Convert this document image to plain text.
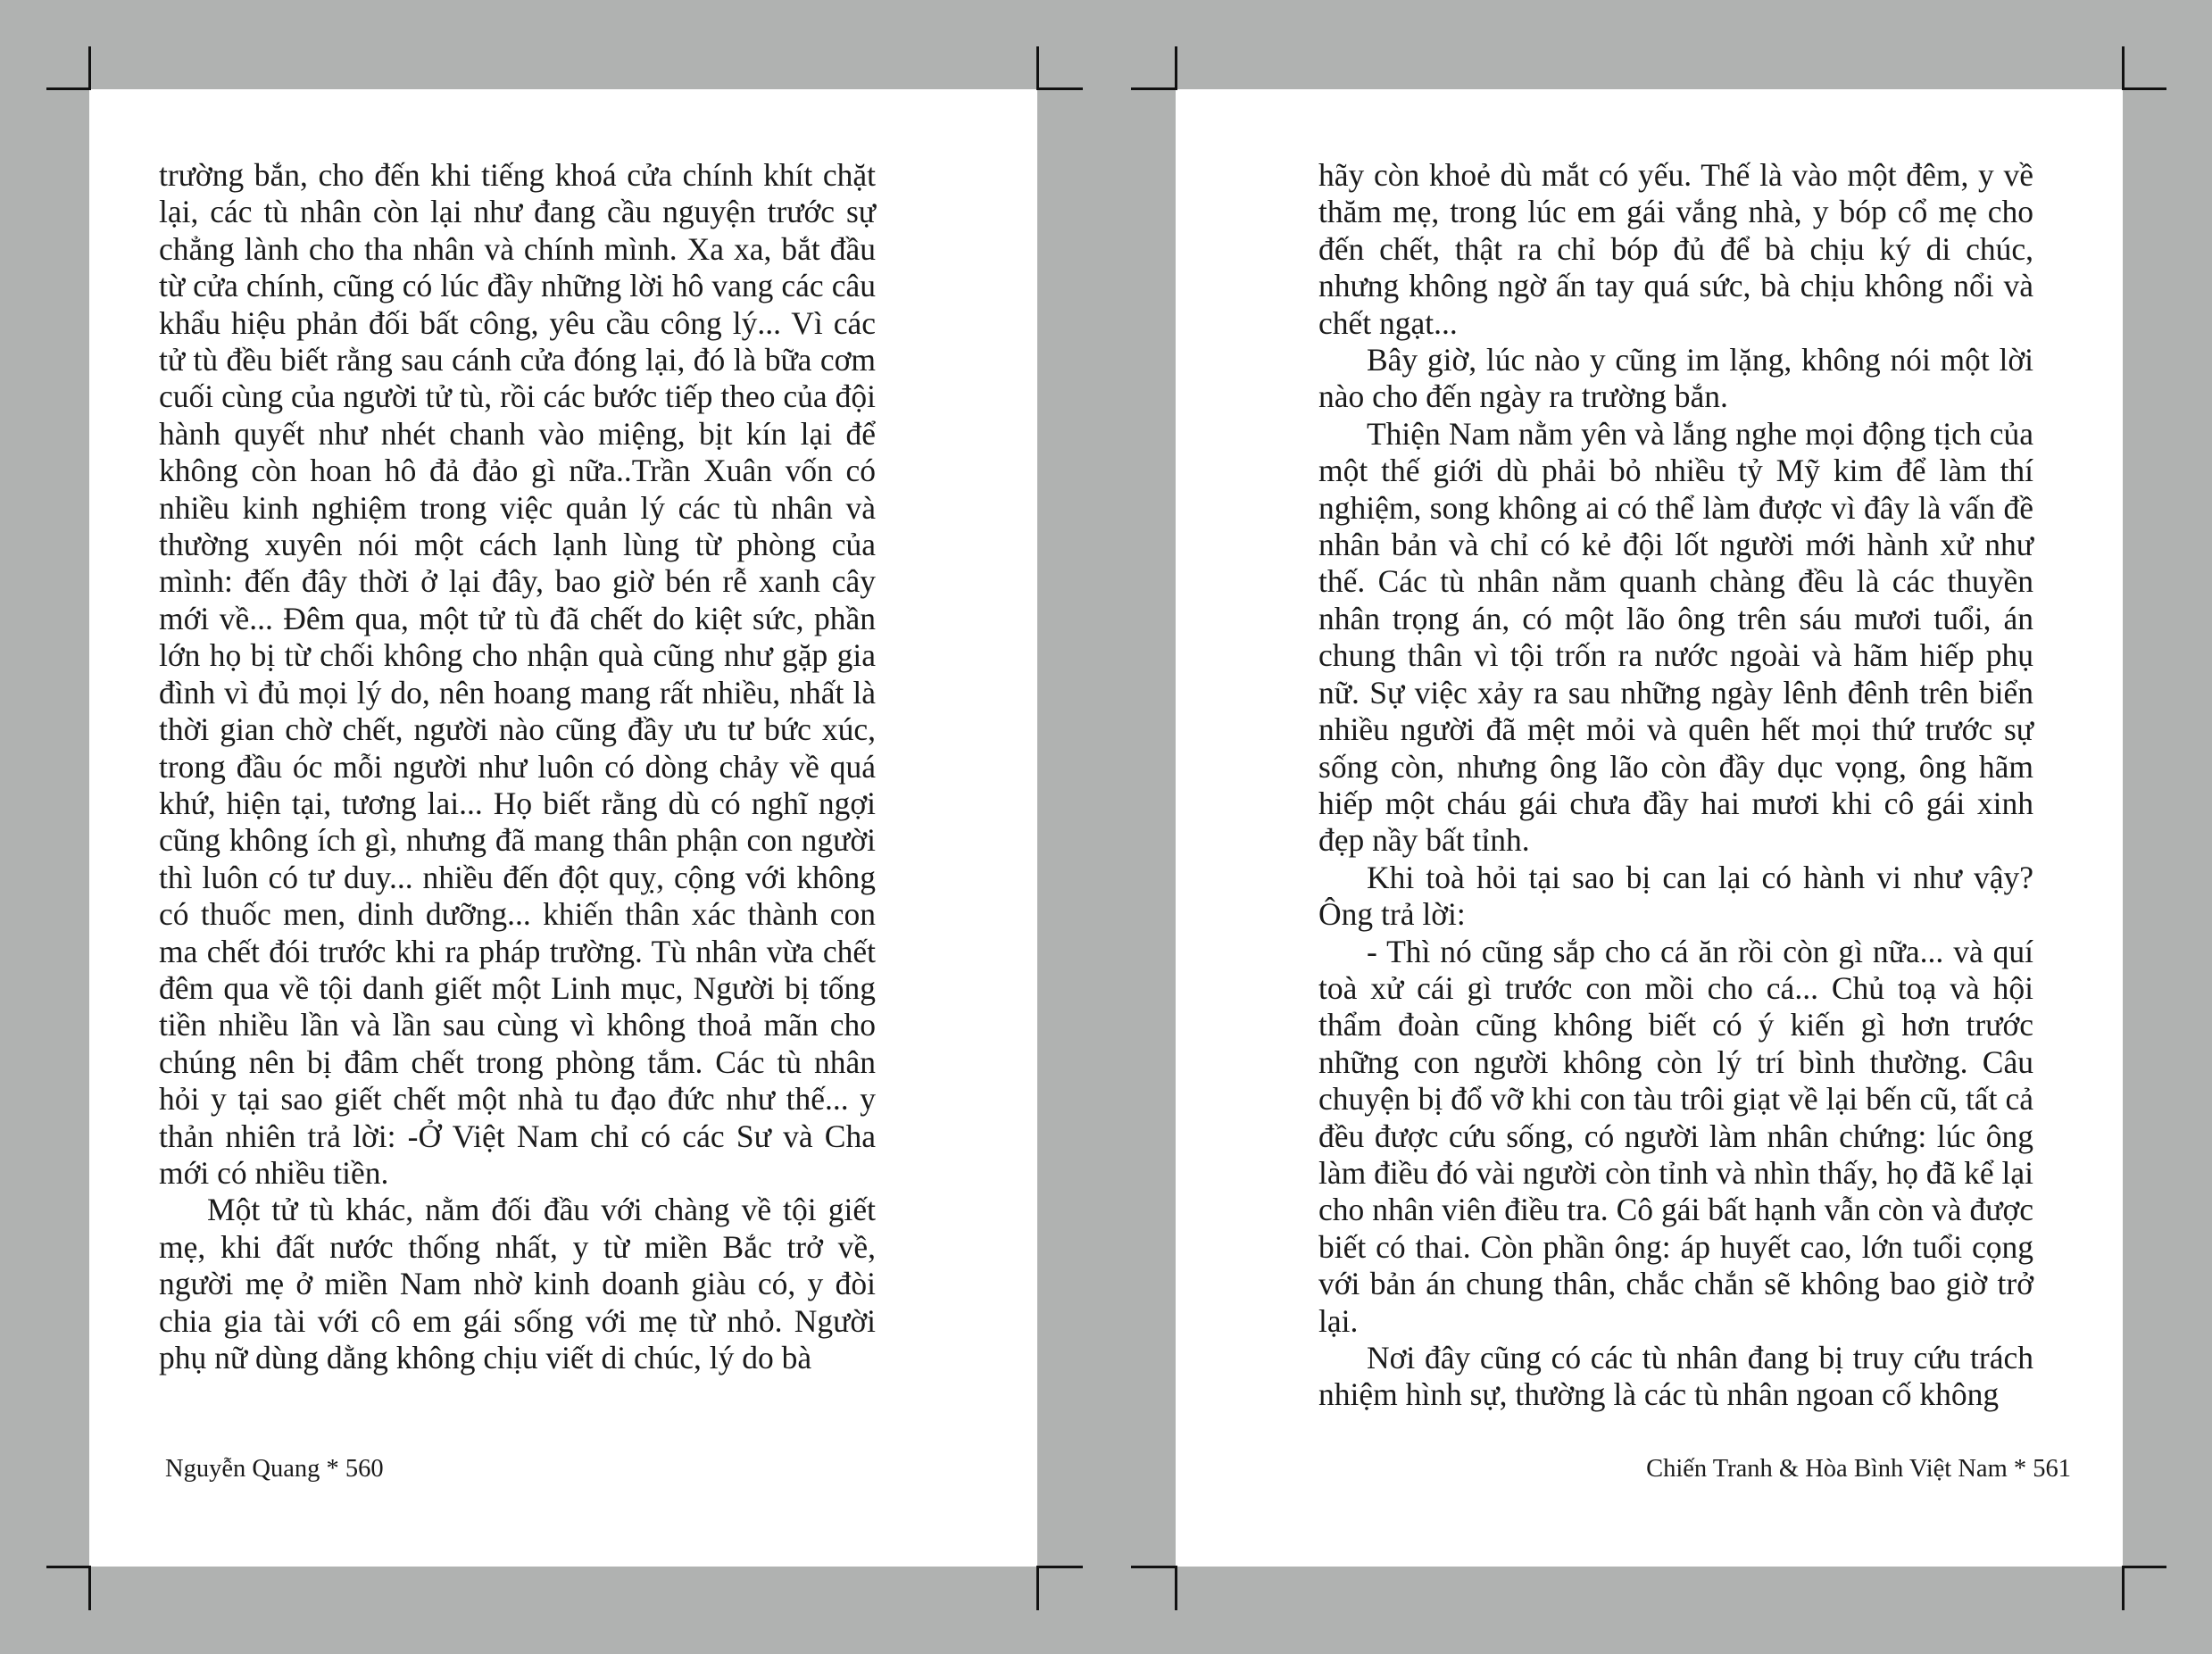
trường bắn, cho đến khi tiếng khoá cửa chính khít chặt lại, các tù nhân còn lại như đang cầu nguyện trước sự chẳng lành cho tha nhân và chính mình. Xa xa, bắt đầu từ cửa chính, cũng có lúc đầy những lời hô vang các câu khẩu hiệu phản đối bất công, yêu cầu công lý... Vì các tử tù đều biết rằng sau cánh cửa đóng lại, đó là bữa cơm cuối cùng của người tử tù, rồi các bước tiếp theo của đội hành quyết như nhét chanh vào miệng, bịt kín lại để không còn hoan hô đả đảo gì nữa..Trần Xuân vốn có nhiều kinh nghiệm trong việc quản lý các tù nhân và thường xuyên nói một cách lạnh lùng từ phòng của mình: đến đây thời ở lại đây, bao giờ bén rễ xanh cây mới về... Đêm qua, một tử tù đã chết do kiệt sức, phần lớn họ bị từ chối không cho nhận quà cũng như gặp gia đình vì đủ mọi lý do, nên hoang mang rất nhiều, nhất là thời gian chờ chết, người nào cũng đầy ưu tư bức xúc, trong đầu óc mỗi người như luôn có dòng chảy về quá khứ, hiện tại, tương lai... Họ biết rằng dù có nghĩ ngợi cũng không ích gì, nhưng đã mang thân phận con người thì luôn có tư duy... nhiều đến đột quỵ, cộng với không có thuốc men, dinh dưỡng... khiến thân xác thành con ma chết đói trước khi ra pháp trường. Tù nhân vừa chết đêm qua về tội danh giết một Linh mục, Người bị tống tiền nhiều lần và lần sau cùng vì không thoả mãn cho chúng nên bị đâm chết trong phòng tắm. Các tù nhân hỏi y tại sao giết chết một nhà tu đạo đức như thế... y thản nhiên trả lời: -Ở Việt Nam chỉ có các Sư và Cha mới có nhiều tiền.

Một tử tù khác, nằm đối đầu với chàng về tội giết mẹ, khi đất nước thống nhất, y từ miền Bắc trở về, người mẹ ở miền Nam nhờ kinh doanh giàu có, y đòi chia gia tài với cô em gái sống với mẹ từ nhỏ. Người phụ nữ dùng dằng không chịu viết di chúc, lý do bà

Nguyễn Quang * 560

hãy còn khoẻ dù mắt có yếu. Thế là vào một đêm, y về thăm mẹ, trong lúc em gái vắng nhà, y bóp cổ mẹ cho đến chết, thật ra chỉ bóp đủ để bà chịu ký di chúc, nhưng không ngờ ấn tay quá sức, bà chịu không nổi và chết ngạt...

Bây giờ, lúc nào y cũng im lặng, không nói một lời nào cho đến ngày ra trường bắn.

Thiện Nam nằm yên và lắng nghe mọi động tịch của một thế giới dù phải bỏ nhiều tỷ Mỹ kim để làm thí nghiệm, song không ai có thể làm được vì đây là vấn đề nhân bản và chỉ có kẻ đội lốt người mới hành xử như thế. Các tù nhân nằm quanh chàng đều là các thuyền nhân trọng án, có một lão ông trên sáu mươi tuổi, án chung thân vì tội trốn ra nước ngoài và hãm hiếp phụ nữ. Sự việc xảy ra sau những ngày lênh đênh trên biển nhiều người đã mệt mỏi và quên hết mọi thứ trước sự sống còn, nhưng ông lão còn đầy dục vọng, ông hãm hiếp một cháu gái chưa đầy hai mươi khi cô gái xinh đẹp nầy bất tỉnh.

Khi toà hỏi tại sao bị can lại có hành vi như vậy? Ông trả lời:

- Thì nó cũng sắp cho cá ăn rồi còn gì nữa... và quí toà xử cái gì trước con mồi cho cá... Chủ toạ và hội thẩm đoàn cũng không biết có ý kiến gì hơn trước những con người không còn lý trí bình thường. Câu chuyện bị đổ vỡ khi con tàu trôi giạt về lại bến cũ, tất cả đều được cứu sống, có người làm nhân chứng: lúc ông làm điều đó vài người còn tỉnh và nhìn thấy, họ đã kể lại cho nhân viên điều tra. Cô gái bất hạnh vẫn còn và được biết có thai. Còn phần ông: áp huyết cao, lớn tuổi cọng với bản án chung thân, chắc chắn sẽ không bao giờ trở lại.

Nơi đây cũng có các tù nhân đang bị truy cứu trách nhiệm hình sự, thường là các tù nhân ngoan cố không

Chiến Tranh & Hòa Bình Việt Nam * 561
